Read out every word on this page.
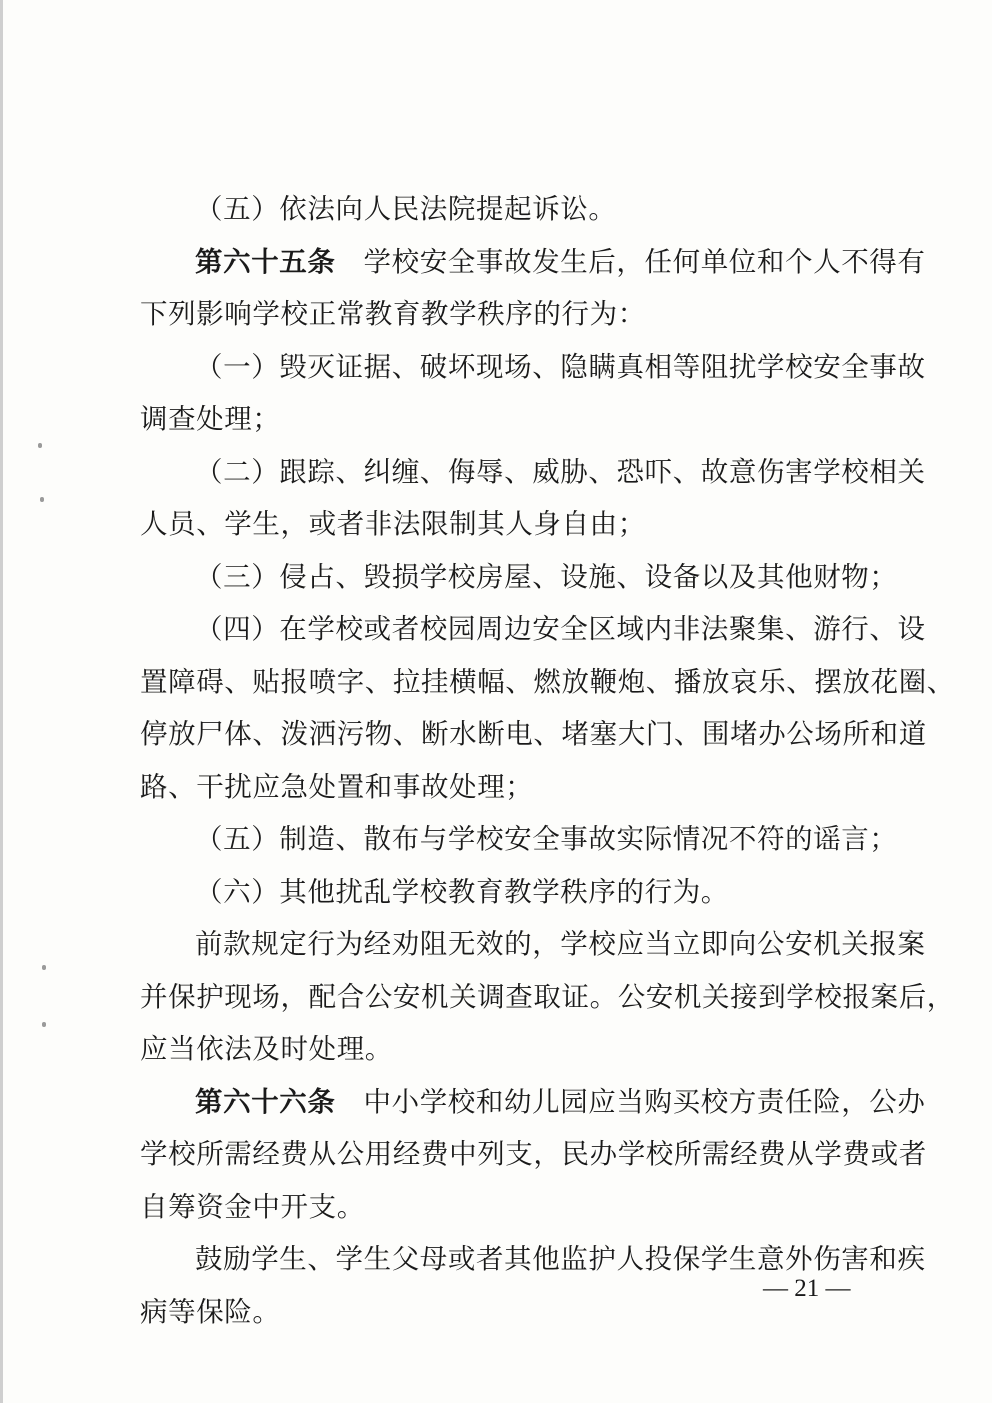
（五）依法向人民法院提起诉讼。
第六十五条 学校安全事故发生后，任何单位和个人不得有
下列影响学校正常教育教学秩序的行为：
（一）毁灭证据、破坏现场、隐瞒真相等阻扰学校安全事故
调查处理；
（二）跟踪、纠缠、侮辱、威胁、恐吓、故意伤害学校相关
人员、学生，或者非法限制其人身自由；
（三）侵占、毁损学校房屋、设施、设备以及其他财物；
（四）在学校或者校园周边安全区域内非法聚集、游行、设
置障碍、贴报喷字、拉挂横幅、燃放鞭炮、播放哀乐、摆放花圈、
停放尸体、泼洒污物、断水断电、堵塞大门、围堵办公场所和道
路、干扰应急处置和事故处理；
（五）制造、散布与学校安全事故实际情况不符的谣言；
（六）其他扰乱学校教育教学秩序的行为。
前款规定行为经劝阻无效的，学校应当立即向公安机关报案
并保护现场，配合公安机关调查取证。公安机关接到学校报案后，
应当依法及时处理。
第六十六条 中小学校和幼儿园应当购买校方责任险，公办
学校所需经费从公用经费中列支，民办学校所需经费从学费或者
自筹资金中开支。
鼓励学生、学生父母或者其他监护人投保学生意外伤害和疾
病等保险。
— 21 —
